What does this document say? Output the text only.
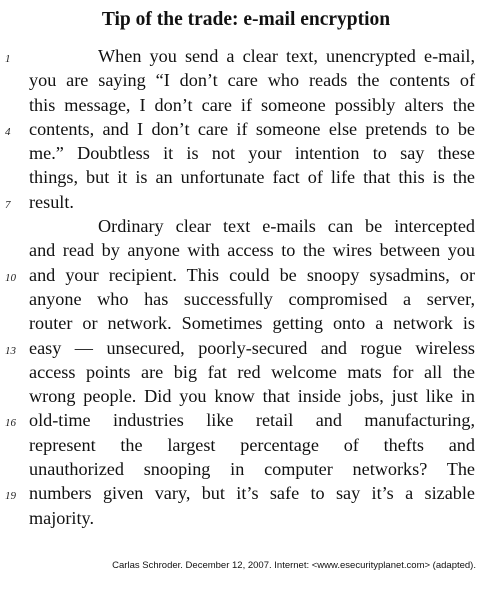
Tip of the trade: e-mail encryption
1	When you send a clear text, unencrypted e-mail,
you are saying “I don’t care who reads the contents of
this message, I don’t care if someone possibly alters the
4	contents, and I don’t care if someone else pretends to be
me.” Doubtless it is not your intention to say these
things, but it is an unfortunate fact of life that this is the
7	result.
Ordinary clear text e-mails can be intercepted
and read by anyone with access to the wires between you
10 and your recipient. This could be snoopy sysadmins, or
anyone who has successfully compromised a server,
router or network. Sometimes getting onto a network is
13 easy — unsecured, poorly-secured and rogue wireless
access points are big fat red welcome mats for all the
wrong people. Did you know that inside jobs, just like in
16 old-time industries like retail and manufacturing,
represent the largest percentage of thefts and
unauthorized snooping in computer networks? The
19 numbers given vary, but it’s safe to say it’s a sizable
majority.
Carlas Schroder. December 12, 2007. Internet: <www.esecurityplanet.com> (adapted).
